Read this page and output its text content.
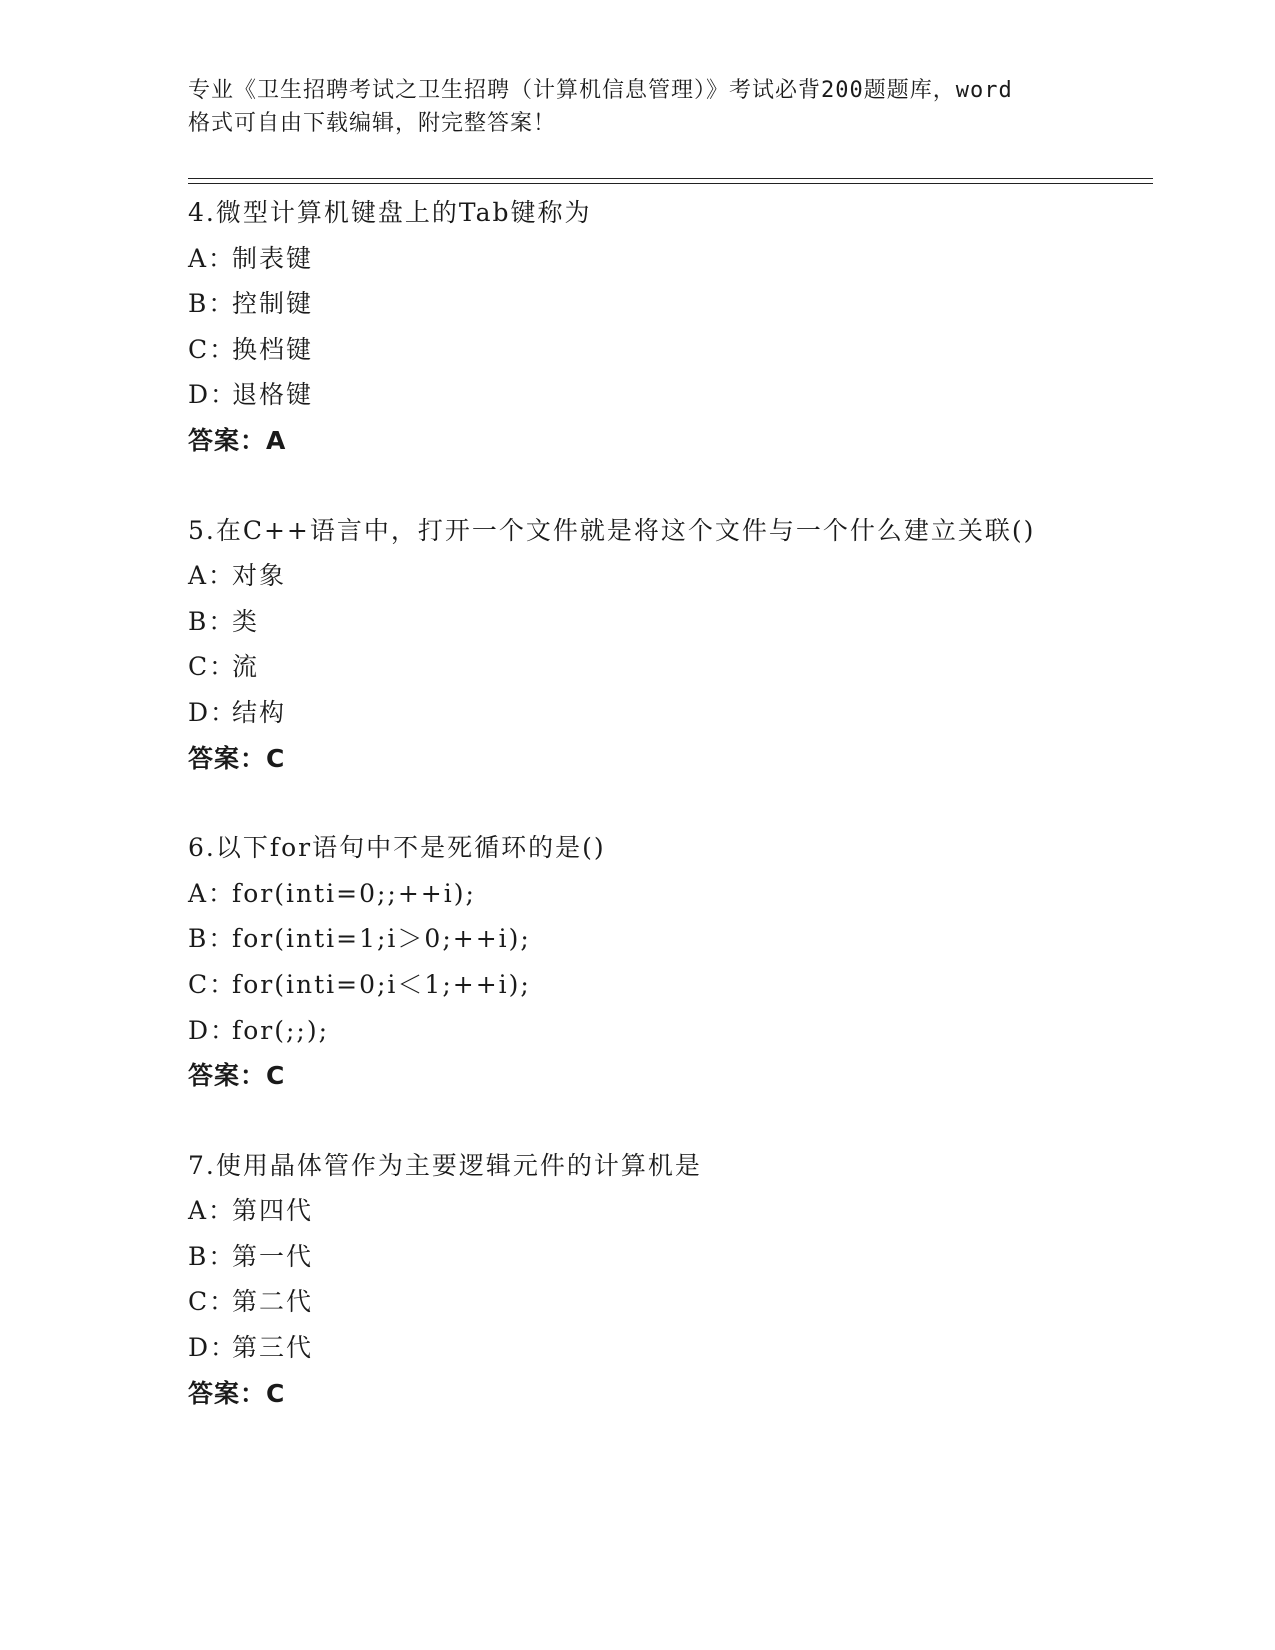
专业《卫生招聘考试之卫生招聘（计算机信息管理）》考试必背200题题库，word
格式可自由下载编辑，附完整答案！
4.微型计算机键盘上的Tab键称为
A：制表键
B：控制键
C：换档键
D：退格键
答案：A
5.在C++语言中，打开一个文件就是将这个文件与一个什么建立关联()
A：对象
B：类
C：流
D：结构
答案：C
6.以下for语句中不是死循环的是()
A：for(inti=0;;++i);
B：for(inti=1;i＞0;++i);
C：for(inti=0;i＜1;++i);
D：for(;;);
答案：C
7.使用晶体管作为主要逻辑元件的计算机是
A：第四代
B：第一代
C：第二代
D：第三代
答案：C
